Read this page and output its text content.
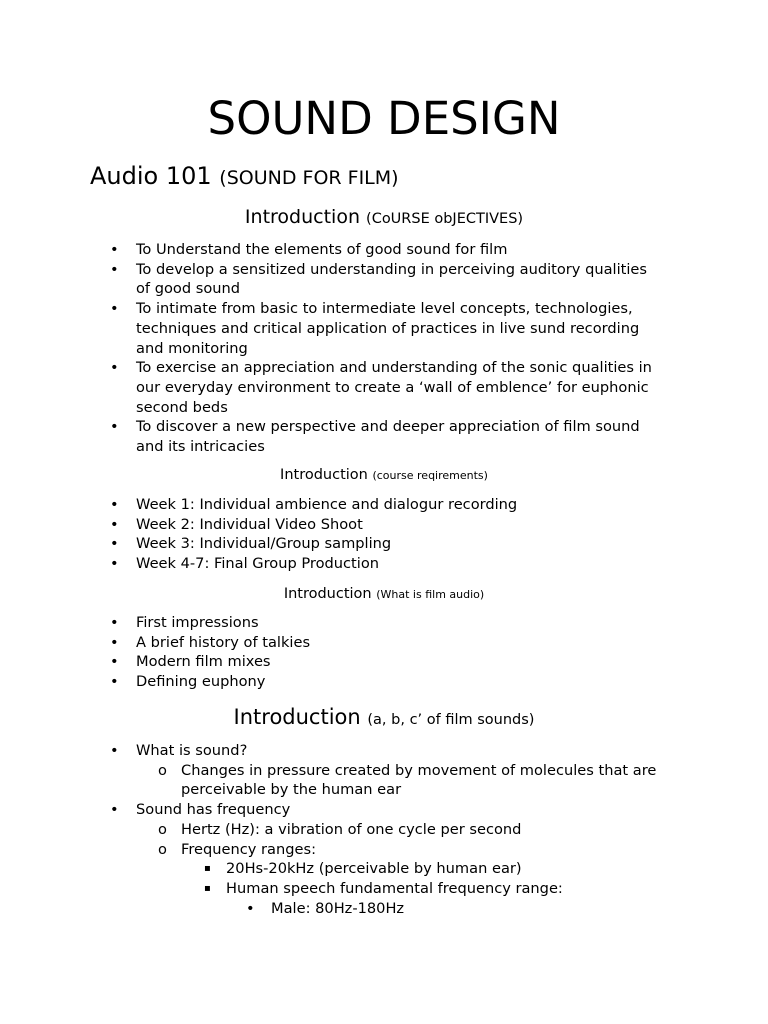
SOUND DESIGN
Audio 101 (SOUND FOR FILM)
Introduction (CoURSE obJECTIVES)
• To Understand the elements of good sound for film
• To develop a sensitized understanding in perceiving auditory qualities
of good sound
• To intimate from basic to intermediate level concepts, technologies,
techniques and critical application of practices in live sund recording
and monitoring
• To exercise an appreciation and understanding of the sonic qualities in
our everyday environment to create a ‘wall of emblence’ for euphonic
second beds
• To discover a new perspective and deeper appreciation of film sound
and its intricacies
Introduction (course reqirements)
• Week 1: Individual ambience and dialogur recording
• Week 2: Individual Video Shoot
• Week 3: Individual/Group sampling
• Week 4-7: Final Group Production
Introduction (What is film audio)
• First impressions
• A brief history of talkies
• Modern film mixes
• Defining euphony
Introduction (a, b, c’ of film sounds)
• What is sound?
o Changes in pressure created by movement of molecules that are
perceivable by the human ear
• Sound has frequency
o Hertz (Hz): a vibration of one cycle per second
o Frequency ranges:
▪ 20Hs-20kHz (perceivable by human ear)
▪ Human speech fundamental frequency range:
• Male: 80Hz-180Hz
